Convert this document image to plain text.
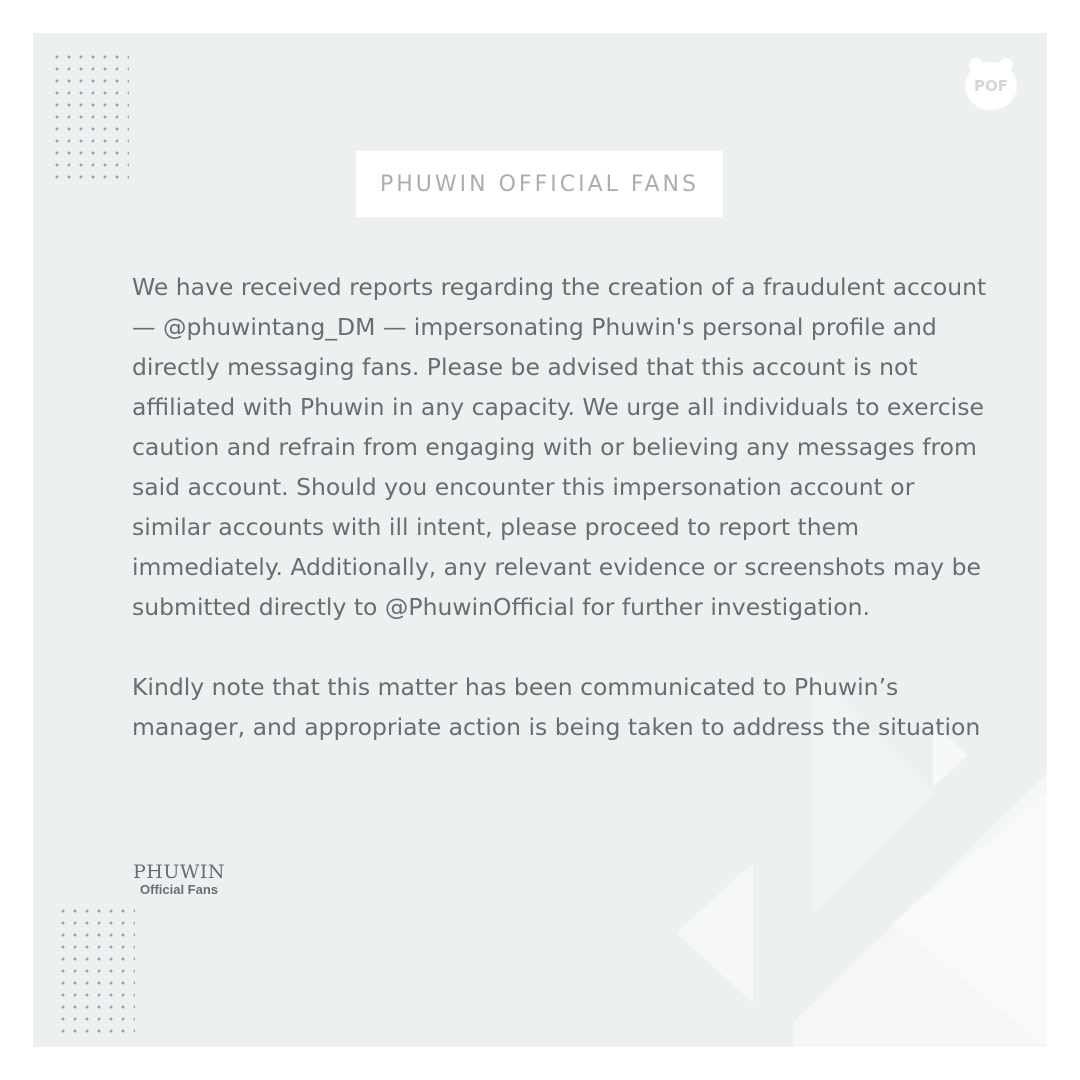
POF
PHUWIN OFFICIAL FANS

We have received reports regarding the creation of a fraudulent account — @phuwintang_DM — impersonating Phuwin's personal profile and directly messaging fans. Please be advised that this account is not affiliated with Phuwin in any capacity. We urge all individuals to exercise caution and refrain from engaging with or believing any messages from said account. Should you encounter this impersonation account or similar accounts with ill intent, please proceed to report them immediately. Additionally, any relevant evidence or screenshots may be submitted directly to @PhuwinOfficial for further investigation.

Kindly note that this matter has been communicated to Phuwin’s manager, and appropriate action is being taken to address the situation

PHUWIN
Official Fans
